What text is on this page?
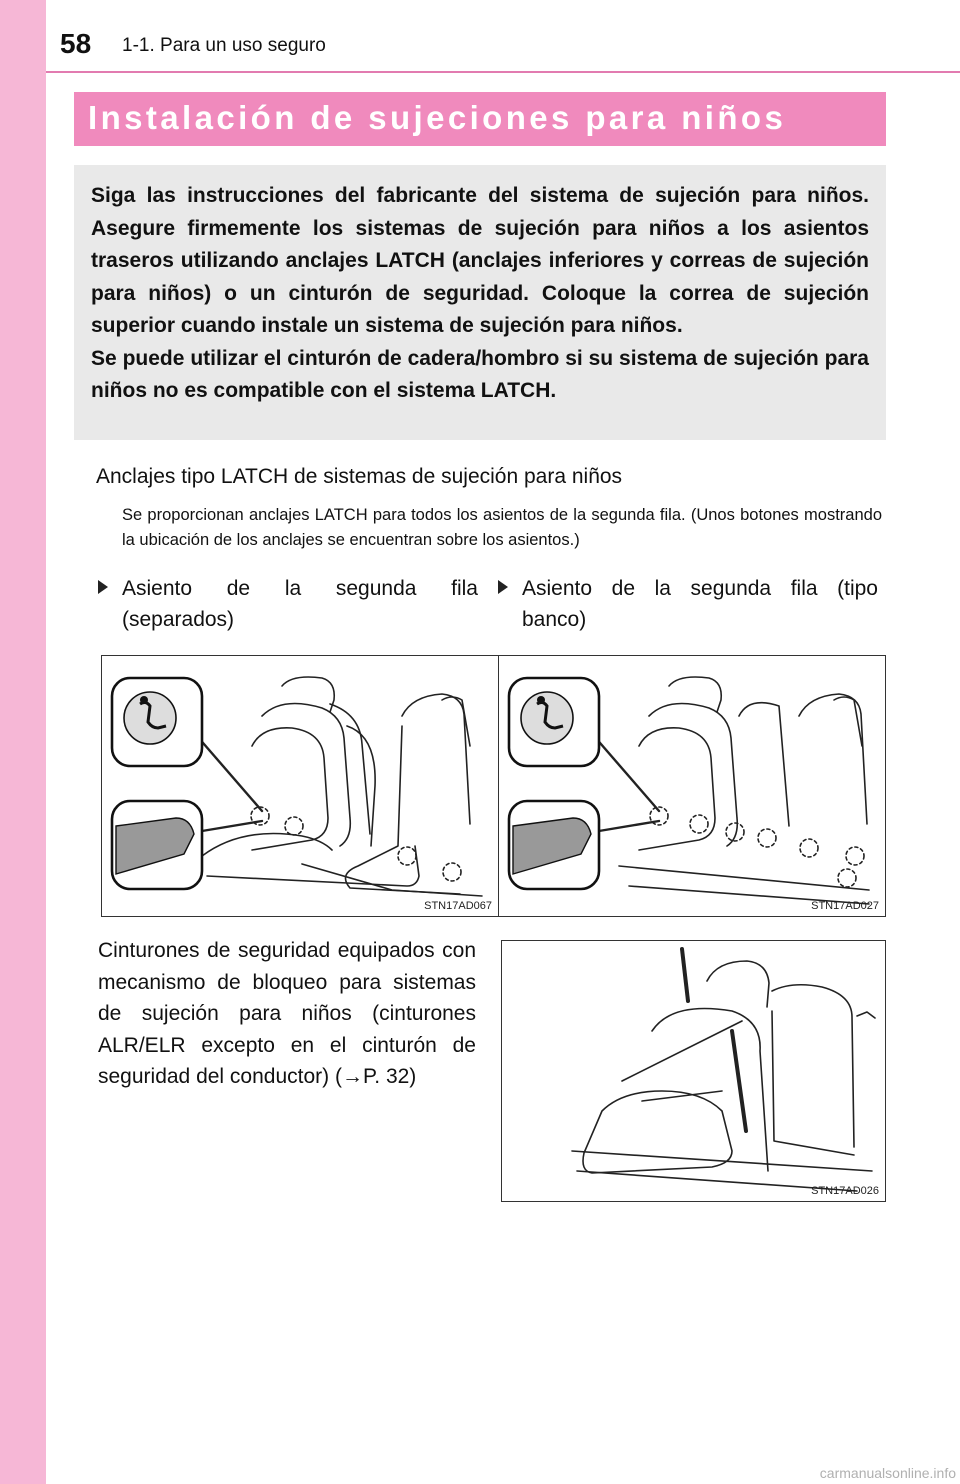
58 1-1. Para un uso seguro
Instalación de sujeciones para niños

Siga las instrucciones del fabricante del sistema de sujeción para niños. Asegure firmemente los sistemas de sujeción para niños a los asientos traseros utilizando anclajes LATCH (anclajes inferiores y correas de sujeción para niños) o un cinturón de seguridad. Coloque la correa de sujeción superior cuando instale un sistema de sujeción para niños.

Se puede utilizar el cinturón de cadera/hombro si su sistema de sujeción para niños no es compatible con el sistema LATCH.

Anclajes tipo LATCH de sistemas de sujeción para niños
Se proporcionan anclajes LATCH para todos los asientos de la segunda fila. (Unos botones mostrando la ubicación de los anclajes se encuentran sobre los asientos.)
Asiento de la segunda fila (separados)
Asiento de la segunda fila (tipo banco)
STN17AD067	STN17AD027
Cinturones de seguridad equipados con mecanismo de bloqueo para sistemas de sujeción para niños (cinturones ALR/ELR excepto en el cinturón de seguridad del conductor) (→P. 32)
STN17AD026
carmanualsonline.info
